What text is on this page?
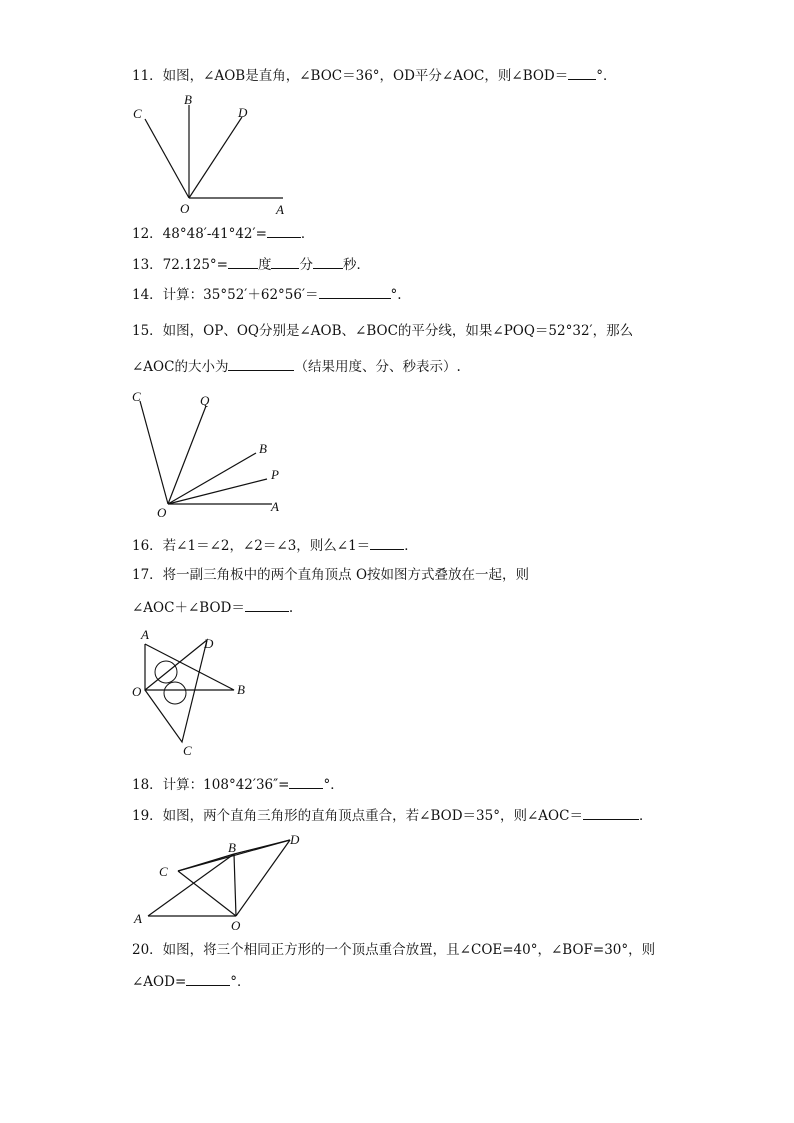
11．如图，∠AOB是直角，∠BOC＝36°，OD平分∠AOC，则∠BOD＝ °．
C
B
D
O	A
12．48°48′-41°42′=	．
13．72.125°= 度 分 秒．
14．计算：35°52′＋62°56′＝	°.
15．如图，OP、OQ分别是∠AOB、∠BOC的平分线，如果∠POQ＝52°32′，那么
∠AOC的大小为	（结果用度、分、秒表示）.
C	Q
B
P
O	A
16．若∠1＝∠2，∠2＝∠3，则么∠1＝	．
17．将一副三角板中的两个直角顶点 O按如图方式叠放在一起，则
∠AOC＋∠BOD＝	.
A
D
O	B
C
18．计算：108°42′36″=	°．
19．如图，两个直角三角形的直角顶点重合，若∠BOD＝35°，则∠AOC＝	．
B
D
C
A	O
20．如图，将三个相同正方形的一个顶点重合放置，且∠COE=40°，∠BOF=30°，则
∠AOD=	°．
